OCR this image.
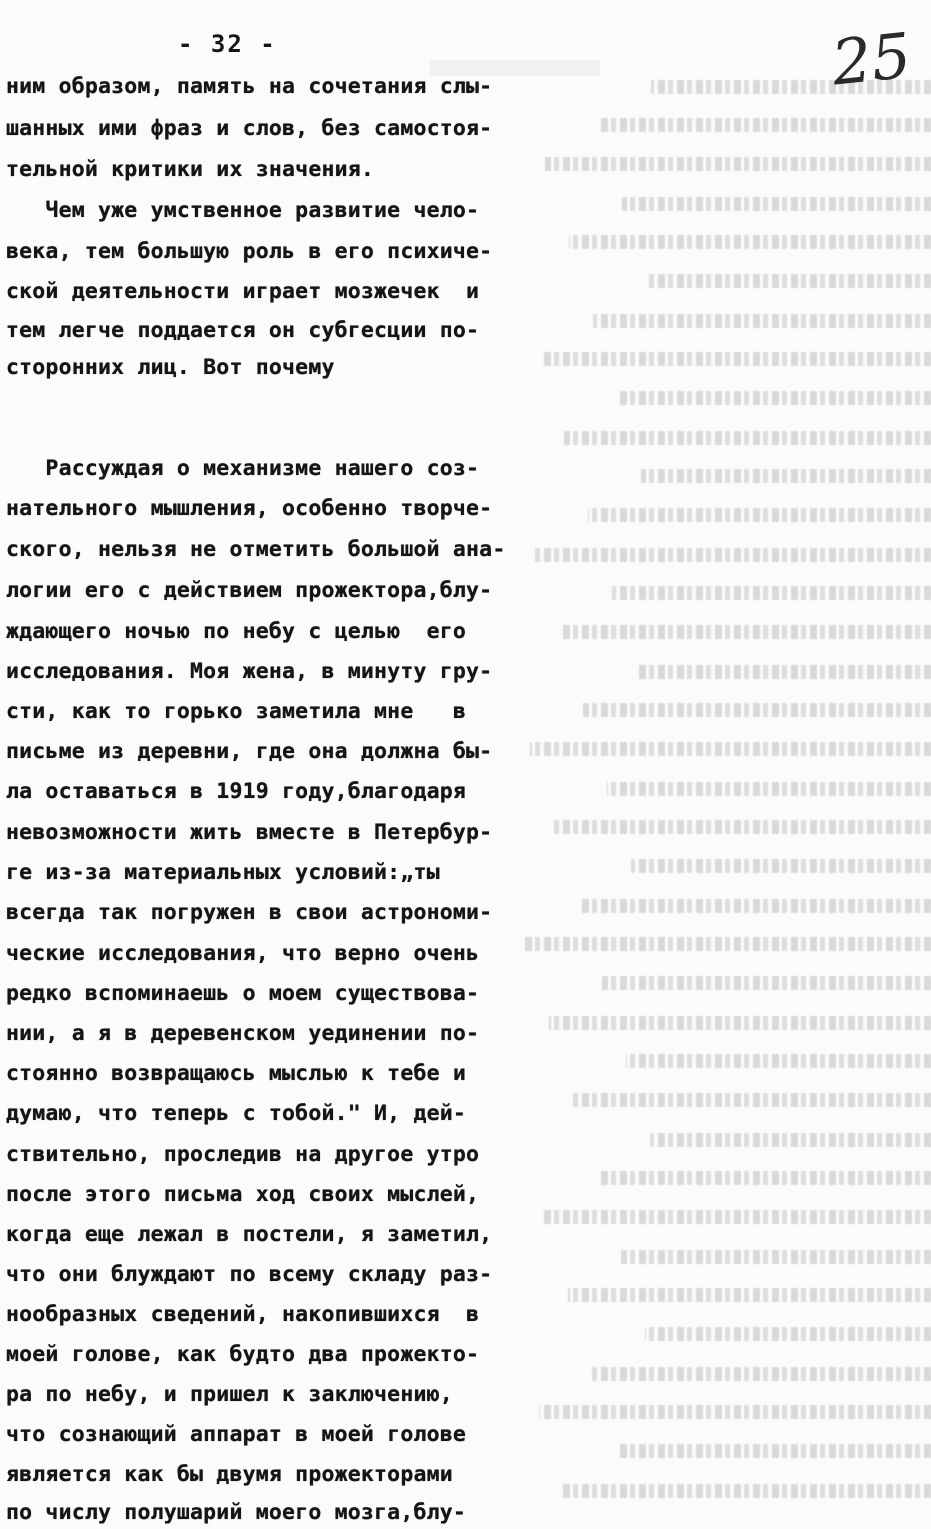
- 32 -	25
ним образом, память на сочетания слы-
шанных ими фраз и слов, без самостоя-
тельной критики их значения.
Чем уже умственное развитие чело-
века, тем большую роль в его психиче-
ской деятельности играет мозжечек  и
тем легче поддается он субгесции по-
сторонних лиц. Вот почему
Рассуждая о механизме нашего соз-
нательного мышления, особенно творче-
ского, нельзя не отметить большой ана-
логии его с действием прожектора,блу-
ждающего ночью по небу с целью  его
исследования. Моя жена, в минуту гру-
сти, как то горько заметила мне   в
письме из деревни, где она должна бы-
ла оставаться в 1919 году,благодаря
невозможности жить вместе в Петербур-
ге из-за материальных условий:„ты
всегда так погружен в свои астрономи-
ческие исследования, что верно очень
редко вспоминаешь о моем существова-
нии, а я в деревенском уединении по-
стоянно возвращаюсь мыслью к тебе и
думаю, что теперь с тобой." И, дей-
ствительно, проследив на другое утро
после этого письма ход своих мыслей,
когда еще лежал в постели, я заметил,
что они блуждают по всему складу раз-
нообразных сведений, накопившихся  в
моей голове, как будто два прожекто-
ра по небу, и пришел к заключению,
что сознающий аппарат в моей голове
является как бы двумя прожекторами
по числу полушарий моего мозга,блу-
